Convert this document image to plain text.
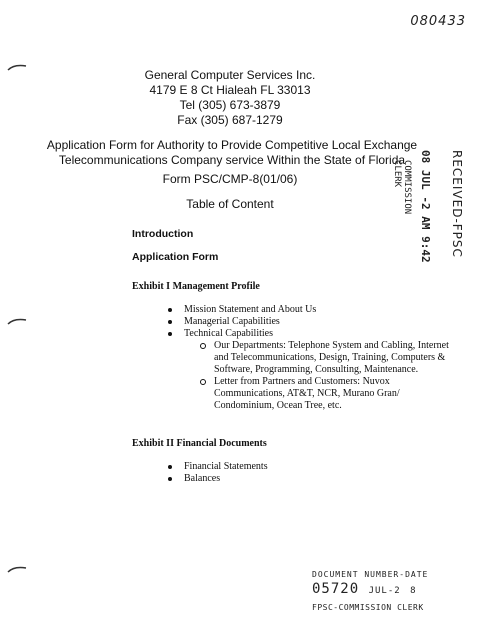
080433
General Computer Services Inc.
4179 E 8 Ct Hialeah FL 33013
Tel (305) 673-3879
Fax (305) 687-1279
Application Form for Authority to Provide Competitive Local Exchange
Telecommunications Company service Within the State of Florida
Form PSC/CMP-8(01/06)
Table of Content	RECEIVED-FPSC
08 JUL -2 AM 9:42
COMMISSION
CLERK
Introduction
Application Form
Exhibit I Management Profile
Mission Statement and About Us
Managerial Capabilities
Technical Capabilities
Our Departments: Telephone System and Cabling, Internet and Telecommunications, Design, Training, Computers & Software, Programming, Consulting, Maintenance.
Letter from Partners and Customers: Nuvox Communications, AT&T, NCR, Murano Gran/ Condominium, Ocean Tree, etc.
Exhibit II Financial Documents
Financial Statements
Balances
DOCUMENT NUMBER-DATE
05720 JUL-2 8
FPSC-COMMISSION CLERK
